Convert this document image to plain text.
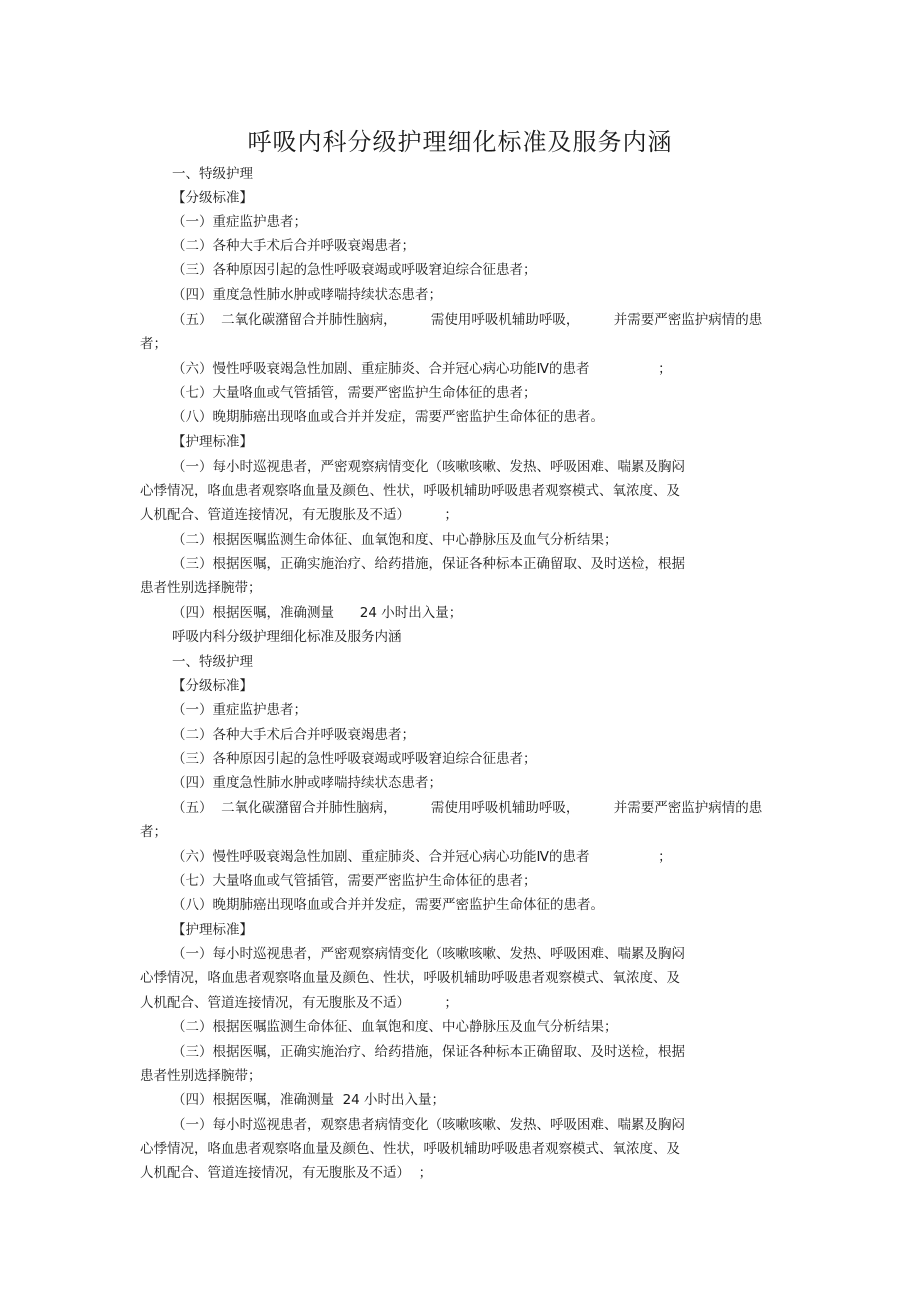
呼吸内科分级护理细化标准及服务内涵
一、特级护理
【分级标准】
（一）重症监护患者；
（二）各种大手术后合并呼吸衰竭患者；
（三）各种原因引起的急性呼吸衰竭或呼吸窘迫综合征患者；
（四）重度急性肺水肿或哮喘持续状态患者；
（五）  二氧化碳潴留合并肺性脑病，        需使用呼吸机辅助呼吸，        并需要严密监护病情的患
者；
（六）慢性呼吸衰竭急性加剧、重症肺炎、合并冠心病心功能Ⅳ的患者                ；
（七）大量咯血或气管插管，需要严密监护生命体征的患者；
（八）晚期肺癌出现咯血或合并并发症，需要严密监护生命体征的患者。
【护理标准】
（一）每小时巡视患者，严密观察病情变化（咳嗽咳嗽、发热、呼吸困难、喘累及胸闷
心悸情况，咯血患者观察咯血量及颜色、性状，呼吸机辅助呼吸患者观察模式、氧浓度、及
人机配合、管道连接情况，有无腹胀及不适）        ；
（二）根据医嘱监测生命体征、血氧饱和度、中心静脉压及血气分析结果；
（三）根据医嘱，正确实施治疗、给药措施，保证各种标本正确留取、及时送检，根据
患者性别选择腕带；
（四）根据医嘱，准确测量      24 小时出入量；
呼吸内科分级护理细化标准及服务内涵
一、特级护理
【分级标准】
（一）重症监护患者；
（二）各种大手术后合并呼吸衰竭患者；
（三）各种原因引起的急性呼吸衰竭或呼吸窘迫综合征患者；
（四）重度急性肺水肿或哮喘持续状态患者；
（五）  二氧化碳潴留合并肺性脑病，        需使用呼吸机辅助呼吸，        并需要严密监护病情的患
者；
（六）慢性呼吸衰竭急性加剧、重症肺炎、合并冠心病心功能Ⅳ的患者                ；
（七）大量咯血或气管插管，需要严密监护生命体征的患者；
（八）晚期肺癌出现咯血或合并并发症，需要严密监护生命体征的患者。
【护理标准】
（一）每小时巡视患者，严密观察病情变化（咳嗽咳嗽、发热、呼吸困难、喘累及胸闷
心悸情况，咯血患者观察咯血量及颜色、性状，呼吸机辅助呼吸患者观察模式、氧浓度、及
人机配合、管道连接情况，有无腹胀及不适）        ；
（二）根据医嘱监测生命体征、血氧饱和度、中心静脉压及血气分析结果；
（三）根据医嘱，正确实施治疗、给药措施，保证各种标本正确留取、及时送检，根据
患者性别选择腕带；
（四）根据医嘱，准确测量  24 小时出入量；
（一）每小时巡视患者，观察患者病情变化（咳嗽咳嗽、发热、呼吸困难、喘累及胸闷
心悸情况，咯血患者观察咯血量及颜色、性状，呼吸机辅助呼吸患者观察模式、氧浓度、及
人机配合、管道连接情况，有无腹胀及不适）  ；
